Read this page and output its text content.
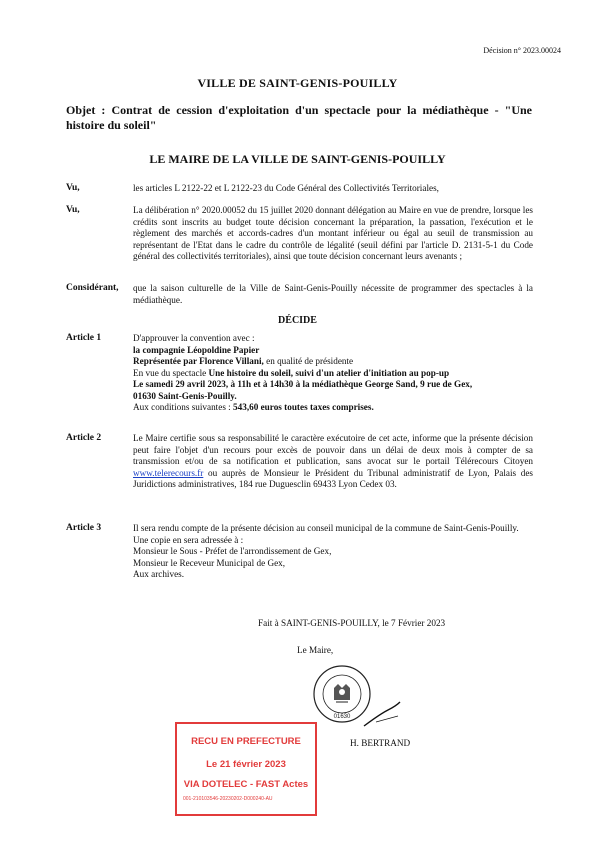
Décision n° 2023.00024
VILLE DE SAINT-GENIS-POUILLY
Objet : Contrat de cession d'exploitation d'un spectacle pour la médiathèque - "Une histoire du soleil"
LE MAIRE DE LA VILLE DE SAINT-GENIS-POUILLY
Vu,	les articles L 2122-22 et L 2122-23 du Code Général des Collectivités Territoriales,
Vu,	La délibération n° 2020.00052 du 15 juillet 2020 donnant délégation au Maire en vue de prendre, lorsque les crédits sont inscrits au budget toute décision concernant la préparation, la passation, l'exécution et le règlement des marchés et accords-cadres d'un montant inférieur ou égal au seuil de transmission au représentant de l'Etat dans le cadre du contrôle de légalité (seuil défini par l'article D. 2131-5-1 du Code général des collectivités territoriales), ainsi que toute décision concernant leurs avenants ;
Considérant, que la saison culturelle de la Ville de Saint-Genis-Pouilly nécessite de programmer des spectacles à la médiathèque.
DÉCIDE
Article 1	D'approuver la convention avec :
la compagnie Léopoldine Papier
Représentée par Florence Villani, en qualité de présidente
En vue du spectacle Une histoire du soleil, suivi d'un atelier d'initiation au pop-up
Le samedi 29 avril 2023, à 11h et à 14h30 à la médiathèque George Sand, 9 rue de Gex,
01630 Saint-Genis-Pouilly.
Aux conditions suivantes : 543,60 euros toutes taxes comprises.
Article 2	Le Maire certifie sous sa responsabilité le caractère exécutoire de cet acte, informe que la présente décision peut faire l'objet d'un recours pour excès de pouvoir dans un délai de deux mois à compter de sa transmission et/ou de sa notification et publication, sans avocat sur le portail Télérecours Citoyen www.telerecours.fr ou auprès de Monsieur le Président du Tribunal administratif de Lyon, Palais des Juridictions administratives, 184 rue Duguesclin 69433 Lyon Cedex 03.
Article 3	Il sera rendu compte de la présente décision au conseil municipal de la commune de Saint-Genis-Pouilly.
Une copie en sera adressée à :
Monsieur le Sous - Préfet de l'arrondissement de Gex,
Monsieur le Receveur Municipal de Gex,
Aux archives.
Fait à SAINT-GENIS-POUILLY, le 7 Février 2023
Le Maire,
01630
H. BERTRAND
RECU EN PREFECTURE
Le 21 février 2023
VIA DOTELEC - FAST Actes
001-210103546-20230202-D000240-AU
